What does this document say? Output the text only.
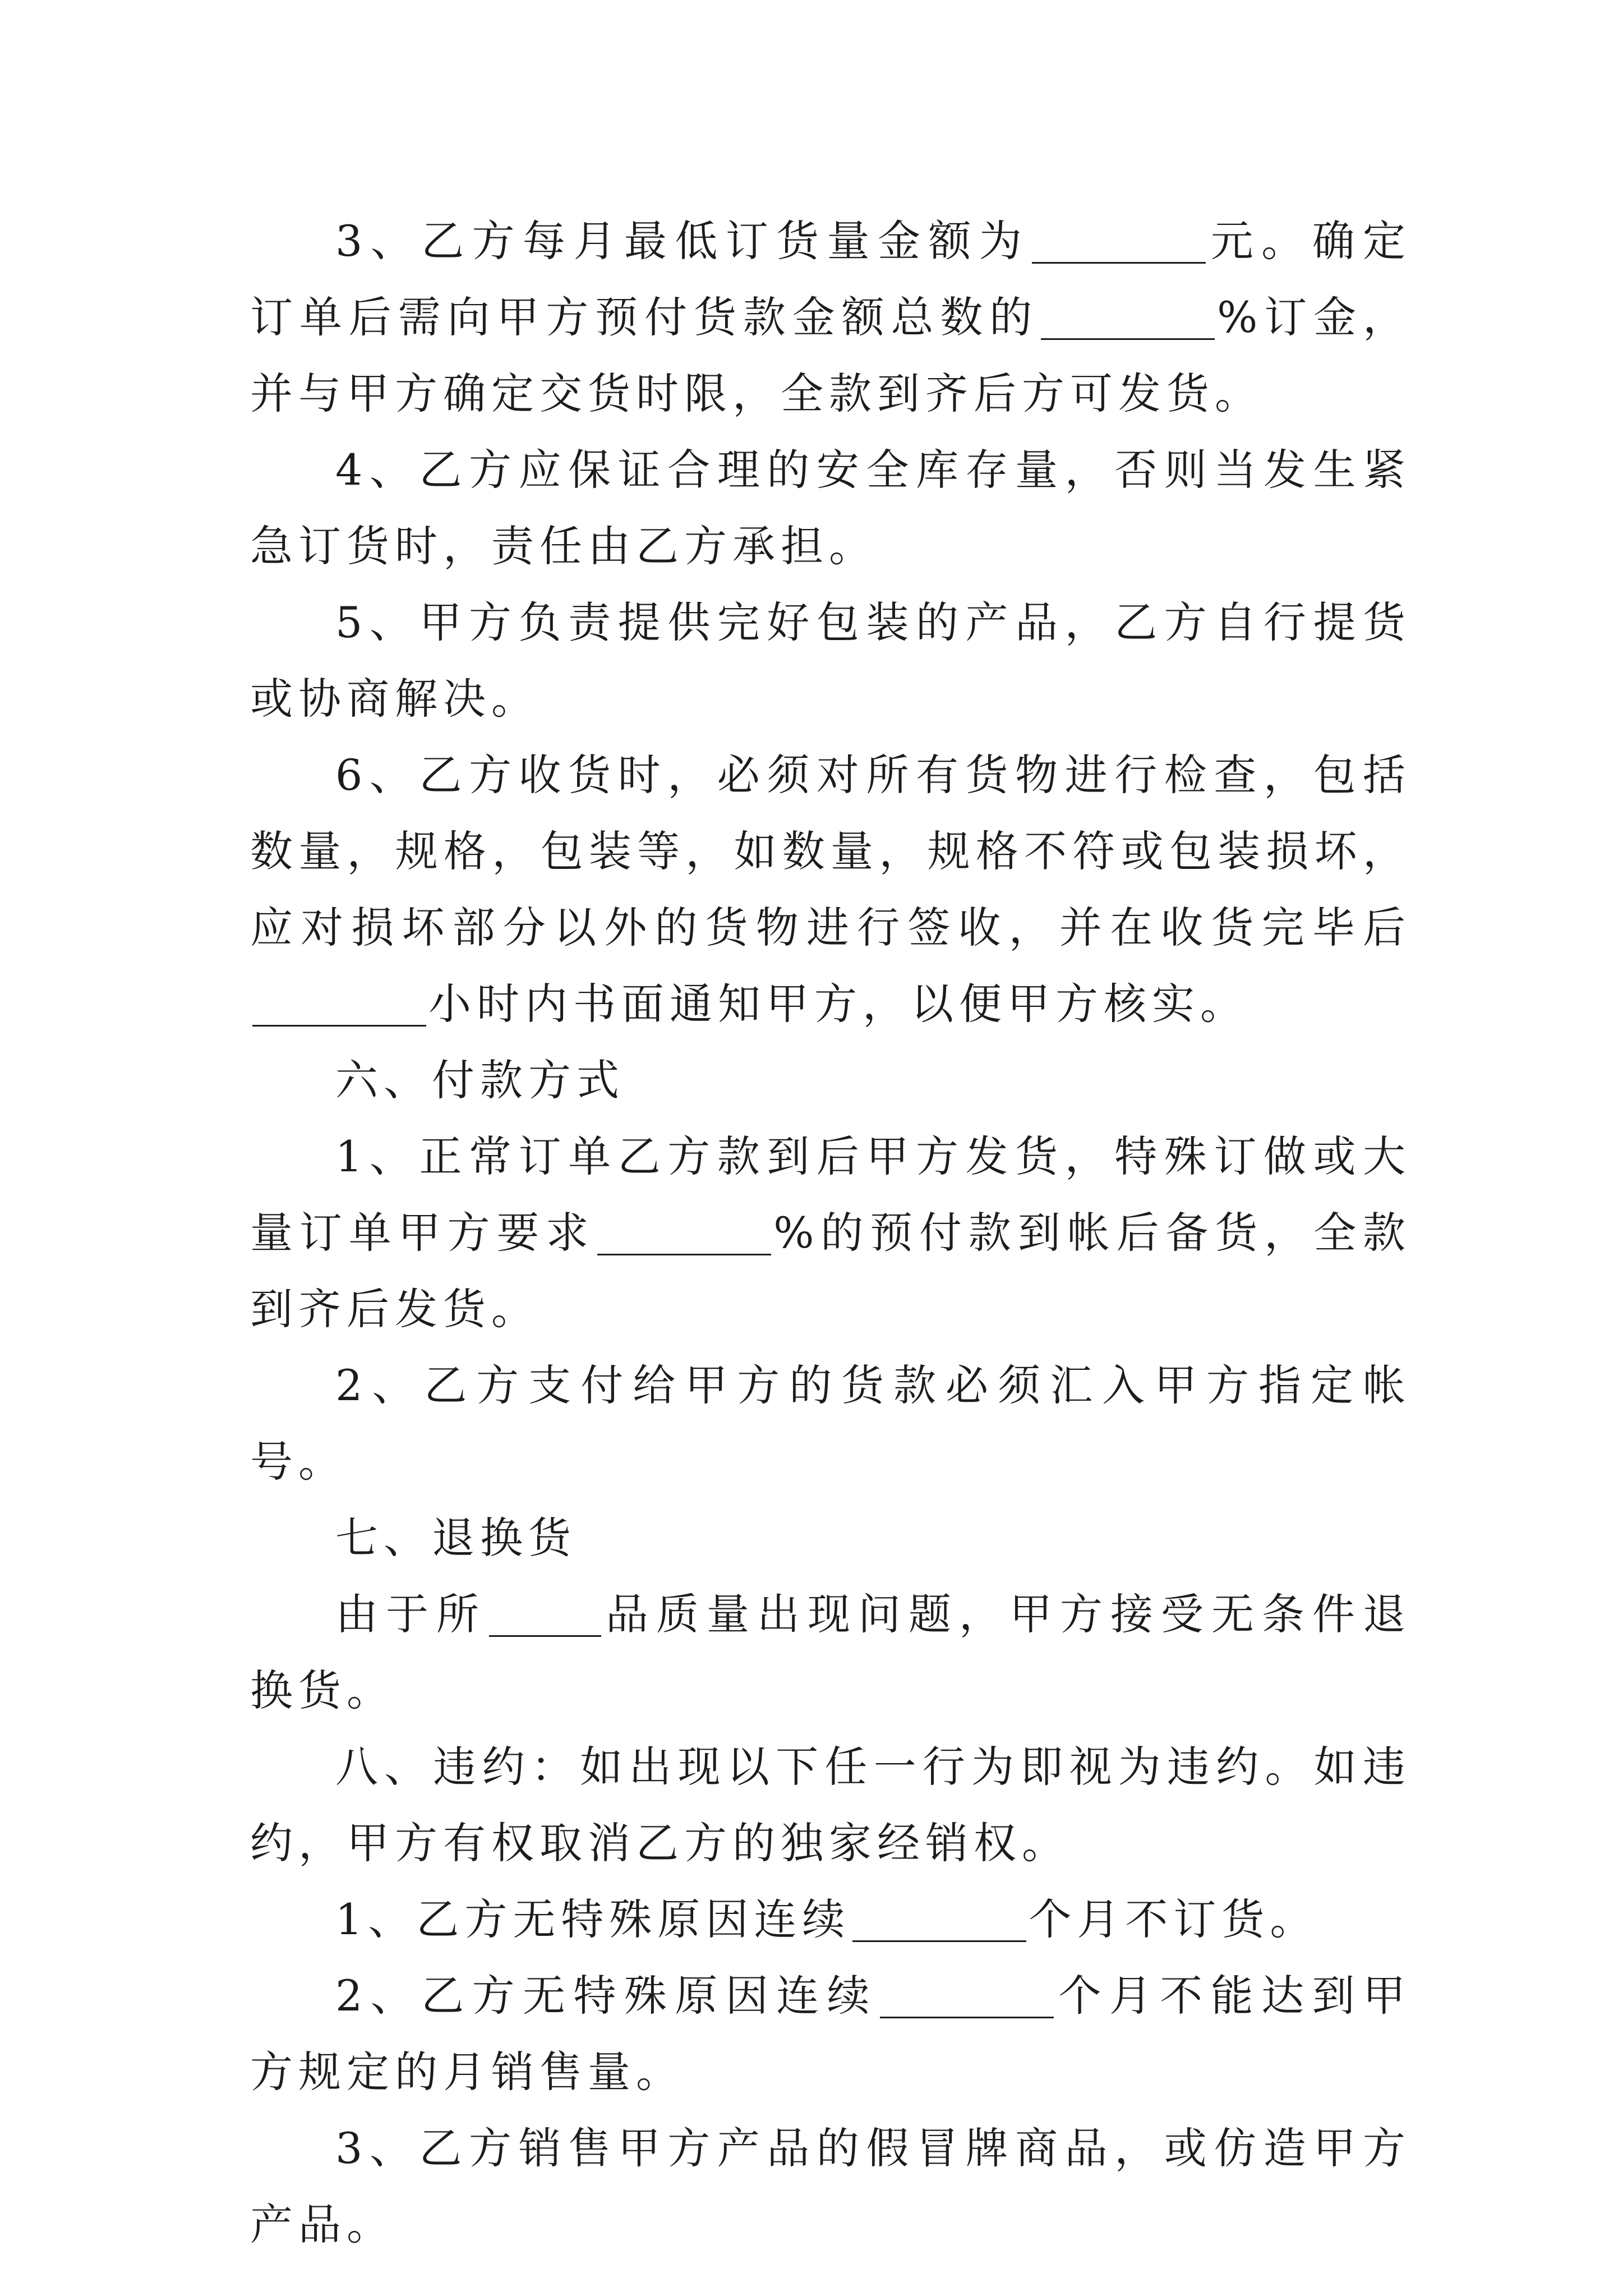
3、乙方每月最低订货量金额为	元。确定订单后需向甲方预付货款金额总数的	%订金，并与甲方确定交货时限，全款到齐后方可发货。

4、乙方应保证合理的安全库存量，否则当发生紧急订货时，责任由乙方承担。

5、甲方负责提供完好包装的产品，乙方自行提货或协商解决。

6、乙方收货时，必须对所有货物进行检查，包括数量，规格，包装等，如数量，规格不符或包装损坏，应对损坏部分以外的货物进行签收，并在收货完毕后小时内书面通知甲方，以便甲方核实。

六、付款方式

1、正常订单乙方款到后甲方发货，特殊订做或大量订单甲方要求	%的预付款到帐后备货，全款到齐后发货。

2、乙方支付给甲方的货款必须汇入甲方指定帐号。

七、退换货

由于所	品质量出现问题，甲方接受无条件退换货。

八、违约：如出现以下任一行为即视为违约。如违约，甲方有权取消乙方的独家经销权。

1、乙方无特殊原因连续	个月不订货。

2、乙方无特殊原因连续	个月不能达到甲方规定的月销售量。

3、乙方销售甲方产品的假冒牌商品，或仿造甲方产品。
